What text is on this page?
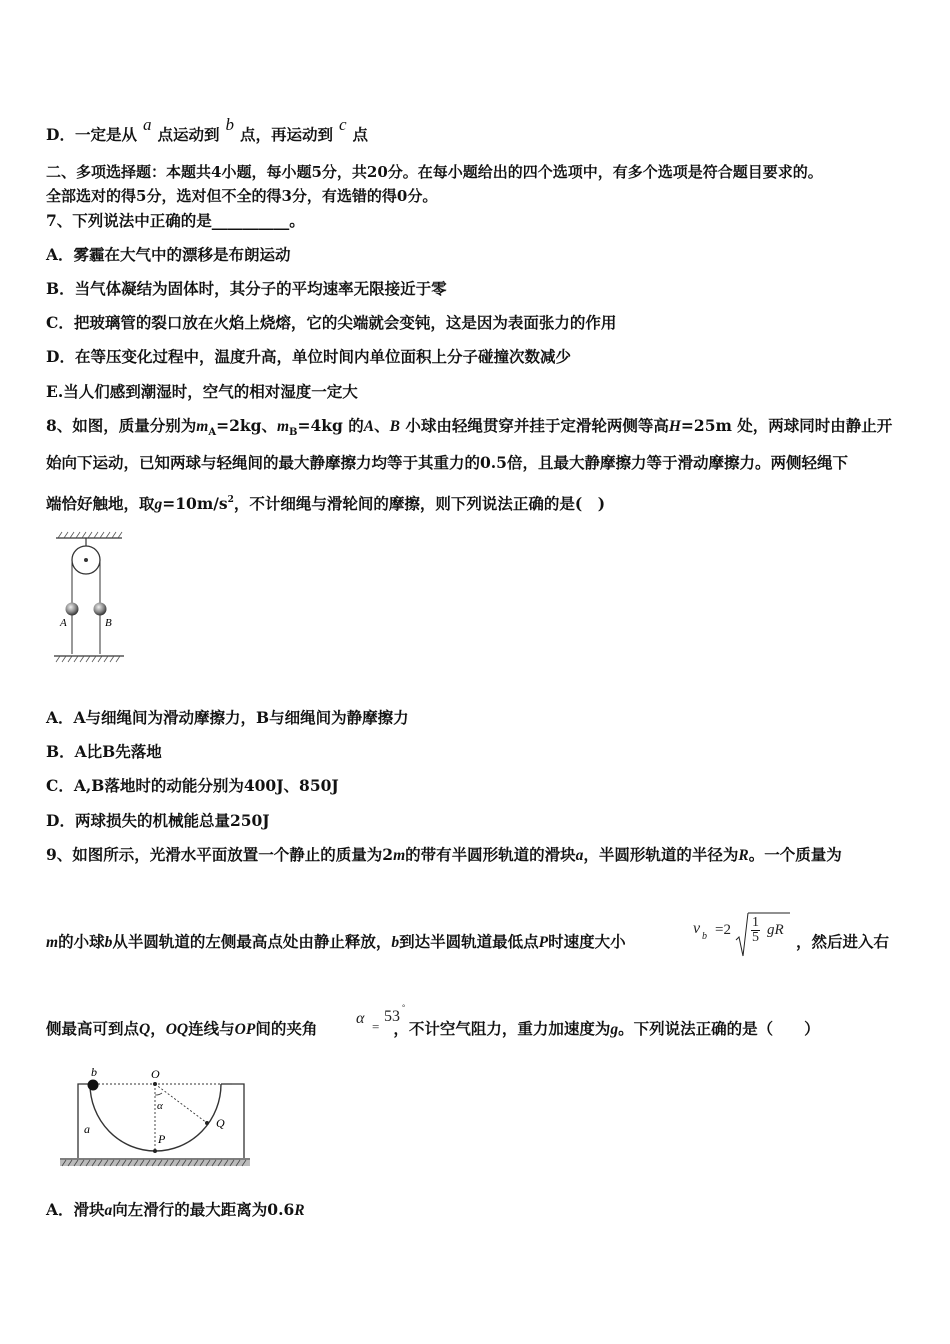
D．一定是从a点运动到b点，再运动到c点
二、多项选择题：本题共4小题，每小题5分，共20分。在每小题给出的四个选项中，有多个选项是符合题目要求的。
全部选对的得5分，选对但不全的得3分，有选错的得0分。
7、下列说法中正确的是__________。
A．雾霾在大气中的漂移是布朗运动
B．当气体凝结为固体时，其分子的平均速率无限接近于零
C．把玻璃管的裂口放在火焰上烧熔，它的尖端就会变钝，这是因为表面张力的作用
D．在等压变化过程中，温度升高，单位时间内单位面积上分子碰撞次数减少
E.当人们感到潮湿时，空气的相对湿度一定大
8、如图，质量分别为$m_A=2kg$、$m_B=4kg$ 的A、B 小球由轻绳贯穿并挂于定滑轮两侧等高H=25m 处，两球同时由静止开
始向下运动，已知两球与轻绳间的最大静摩擦力均等于其重力的0.5倍，且最大静摩擦力等于滑动摩擦力。两侧轻绳下
端恰好触地，取$g=10m/s^2$，不计细绳与滑轮间的摩擦，则下列说法正确的是(　)
A	B
A．A与细绳间为滑动摩擦力，B与细绳间为静摩擦力
B．A比B先落地
C．A,B落地时的动能分别为400J、850J
D．两球损失的机械能总量250J
9、如图所示，光滑水平面放置一个静止的质量为2m的带有半圆形轨道的滑块a，半圆形轨道的半径为R。一个质量为
m的小球b从半圆轨道的左侧最高点处由静止释放，b到达半圆轨道最低点P时速度大小
v $b =2 \frac{1}{5}$ gR
，然后进入右
侧最高可到点Q，OQ连线与OP间的夹角	，不计空气阻力，重力加速度为g。下列说法正确的是（　　）
α =
53
°
b	O
α
a
P
Q
A．滑块a向左滑行的最大距离为0.6R
